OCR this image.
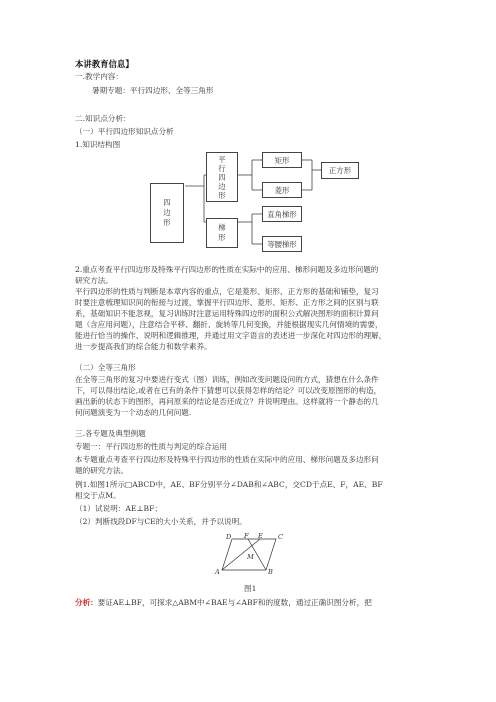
本讲教育信息】
一.教学内容：
暑期专题：平行四边形、全等三角形
二.知识点分析：
（一）平行四边形知识点分析
1.知识结构图
四
边
形
平
行
四
边
形
矩形
菱形
正方形
梯
形
直角梯形
等腰梯形
2.重点考查平行四边形及特殊平行四边形的性质在实际中的应用、梯形问题及多边形问题的
研究方法。
平行四边形的性质与判断是本章内容的重点，它是菱形、矩形、正方形的基础和铺垫，复习
时要注意梳理知识间的衔接与过渡，掌握平行四边形、菱形、矩形、正方形之间的区别与联
系，基础知识不能忽视，复习训练时注意运用特殊四边形的面积公式解决图形的面积计算问
题（含应用问题），注意结合平移、翻折、旋转等几何变换，并能根据现实几何情境的需要，
能进行恰当的操作、说明和逻辑推理，并通过用文字语言的表述进一步深化对四边形的理解，
进一步提高我们的综合能力和数学素养。
（二）全等三角形
在全等三角形的复习中要进行变式（图）训练，例如改变问题设问的方式，猜想在什么条件
下，可以得出结论,或者在已有的条件下猜想可以获得怎样的结论？可以改变原图形的构造，
画出新的状态下的图形，再问原来的结论是否还成立？并说明理由。这样就将一个静态的几
何问题演变为一个动态的几何问题.
三.各专题及典型例题
专题一：平行四边形的性质与判定的综合运用
本专题重点考查平行四边形及特殊平行四边形的性质在实际中的应用、梯形问题及多边形问
题的研究方法。
例1.如图1所示□ABCD中，AE、BF分别平分∠DAB和∠ABC，交CD于点E、F，AE、BF
相交于点M。
（1）试说明：AE⊥BF；
（2）判断线段DF与CE的大小关系，并予以说明。
D F E C
M
A	B
图1
分析：要证AE⊥BF，可探求△ABM中∠BAE与∠ABF和的度数，通过正确识图分析，把
